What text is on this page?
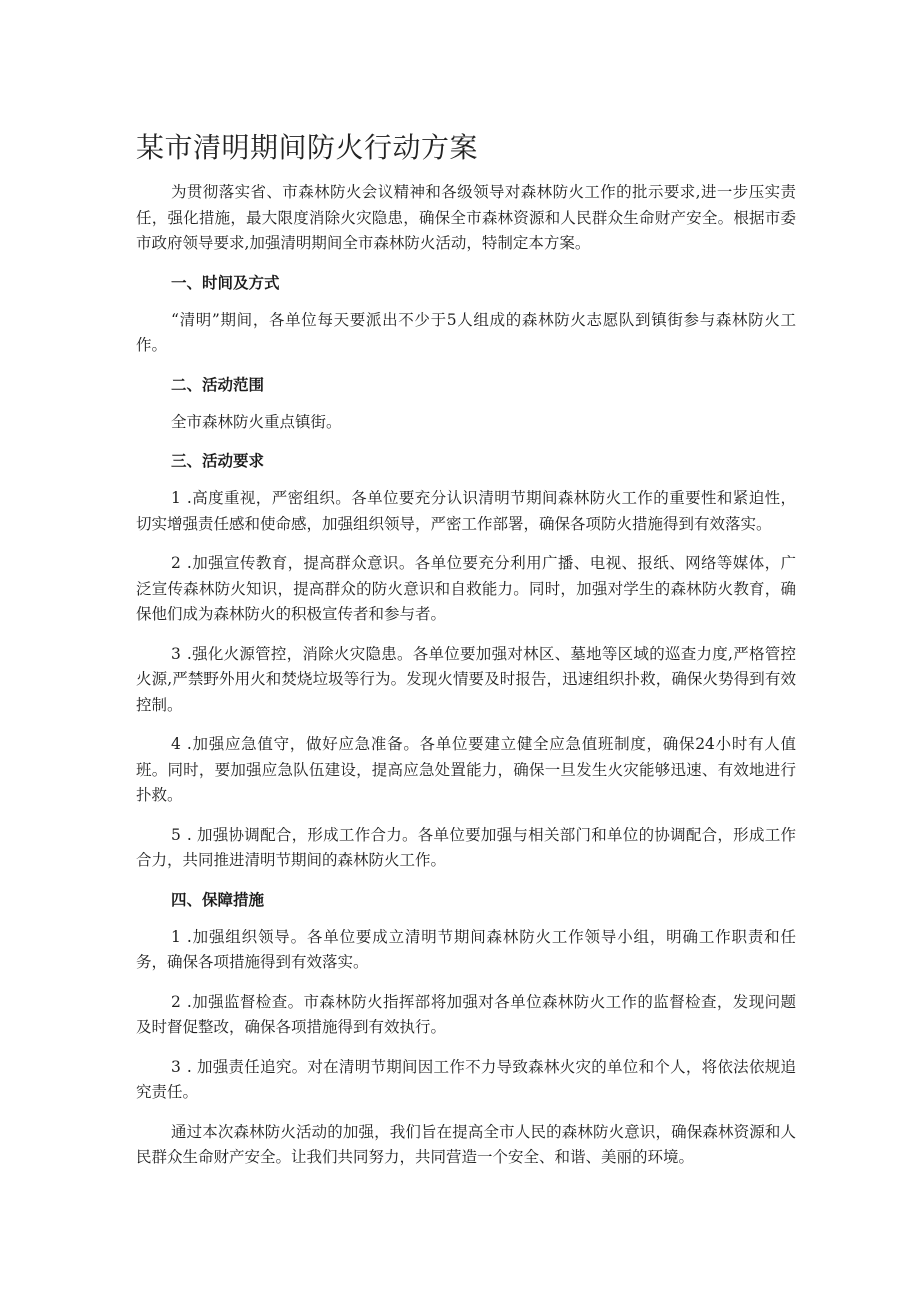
某市清明期间防火行动方案

为贯彻落实省、市森林防火会议精神和各级领导对森林防火工作的批示要求,进一步压实责任，强化措施，最大限度消除火灾隐患，确保全市森林资源和人民群众生命财产安全。根据市委市政府领导要求,加强清明期间全市森林防火活动，特制定本方案。

一、时间及方式

“清明”期间，各单位每天要派出不少于5人组成的森林防火志愿队到镇街参与森林防火工作。

二、活动范围

全市森林防火重点镇街。

三、活动要求

1 .高度重视，严密组织。各单位要充分认识清明节期间森林防火工作的重要性和紧迫性，切实增强责任感和使命感，加强组织领导，严密工作部署，确保各项防火措施得到有效落实。

2 .加强宣传教育，提高群众意识。各单位要充分利用广播、电视、报纸、网络等媒体，广泛宣传森林防火知识，提高群众的防火意识和自救能力。同时，加强对学生的森林防火教育，确保他们成为森林防火的积极宣传者和参与者。

3 .强化火源管控，消除火灾隐患。各单位要加强对林区、墓地等区域的巡查力度,严格管控火源,严禁野外用火和焚烧垃圾等行为。发现火情要及时报告，迅速组织扑救，确保火势得到有效控制。

4 .加强应急值守，做好应急准备。各单位要建立健全应急值班制度，确保24小时有人值班。同时，要加强应急队伍建设，提高应急处置能力，确保一旦发生火灾能够迅速、有效地进行扑救。

5 . 加强协调配合，形成工作合力。各单位要加强与相关部门和单位的协调配合，形成工作合力，共同推进清明节期间的森林防火工作。

四、保障措施

1 .加强组织领导。各单位要成立清明节期间森林防火工作领导小组，明确工作职责和任务，确保各项措施得到有效落实。

2 .加强监督检查。市森林防火指挥部将加强对各单位森林防火工作的监督检查，发现问题及时督促整改，确保各项措施得到有效执行。

3 . 加强责任追究。对在清明节期间因工作不力导致森林火灾的单位和个人，将依法依规追究责任。

通过本次森林防火活动的加强，我们旨在提高全市人民的森林防火意识，确保森林资源和人民群众生命财产安全。让我们共同努力，共同营造一个安全、和谐、美丽的环境。
